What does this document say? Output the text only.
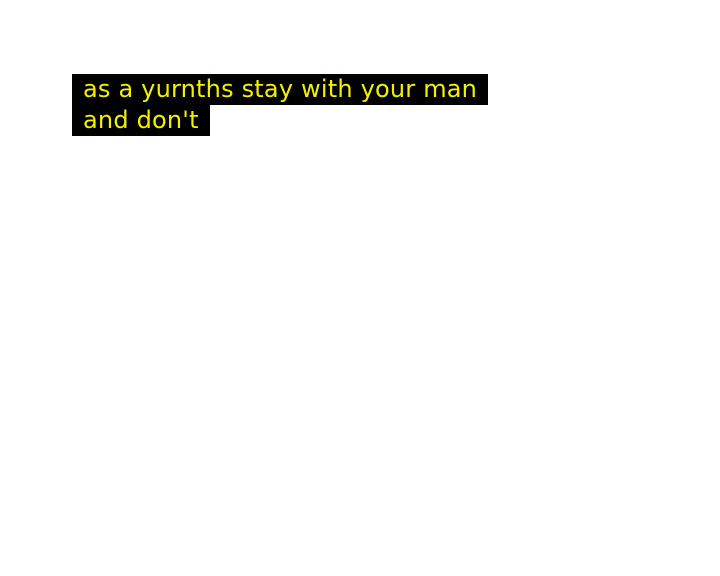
as a yurnths stay with your man
and don't
